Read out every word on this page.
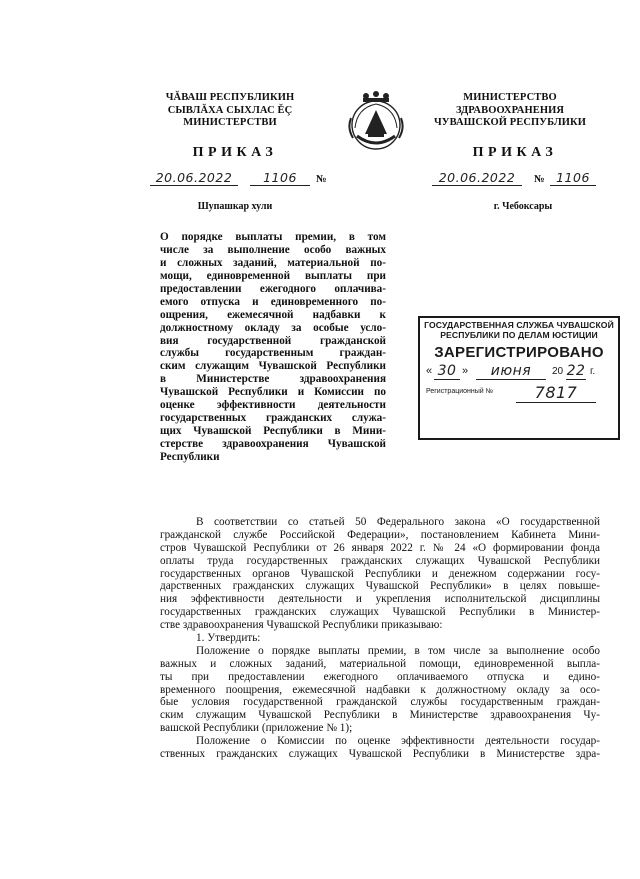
ЧĂВАШ РЕСПУБЛИКИН
СЫВЛĂХА СЫХЛАС ĔÇ
МИНИСТЕРСТВИ
МИНИСТЕРСТВО
ЗДРАВООХРАНЕНИЯ
ЧУВАШСКОЙ РЕСПУБЛИКИ
ПРИКАЗ	ПРИКАЗ
20.06.2022	1106	№	20.06.2022	№ 1106
Шупашкар хули	г. Чебоксары
О порядке выплаты премии, в том
числе за выполнение особо важных
и сложных заданий, материальной по-
мощи, единовременной выплаты при
предоставлении ежегодного оплачива-
емого отпуска и единовременного по-
ощрения, ежемесячной надбавки к
должностному окладу за особые усло-
вия государственной гражданской
службы государственным граждан-
ским служащим Чувашской Республики
в Министерстве здравоохранения
Чувашской Республики и Комиссии по
оценке эффективности деятельности
государственных гражданских служа-
щих Чувашской Республики в Мини-
стерстве здравоохранения Чувашской
Республики
ГОСУДАРСТВЕННАЯ СЛУЖБА ЧУВАШСКОЙ
РЕСПУБЛИКИ ПО ДЕЛАМ ЮСТИЦИИ
ЗАРЕГИСТРИРОВАНО
« 30 »	июня	20 22 г.
Регистрационный №	7817
В соответствии со статьей 50 Федерального закона «О государственной
гражданской службе Российской Федерации», постановлением Кабинета Мини-
стров Чувашской Республики от 26 января 2022 г. № 24 «О формировании фонда
оплаты труда государственных гражданских служащих Чувашской Республики
государственных органов Чувашской Республики и денежном содержании госу-
дарственных гражданских служащих Чувашской Республики» в целях повыше-
ния эффективности деятельности и укрепления исполнительской дисциплины
государственных гражданских служащих Чувашской Республики в Министер-
стве здравоохранения Чувашской Республики приказываю:
1. Утвердить:
Положение о порядке выплаты премии, в том числе за выполнение особо
важных и сложных заданий, материальной помощи, единовременной выпла-
ты при предоставлении ежегодного оплачиваемого отпуска и едино-
временного поощрения, ежемесячной надбавки к должностному окладу за осо-
бые условия государственной гражданской службы государственным граждан-
ским служащим Чувашской Республики в Министерстве здравоохранения Чу-
вашской Республики (приложение № 1);
Положение о Комиссии по оценке эффективности деятельности государ-
ственных гражданских служащих Чувашской Республики в Министерстве здра-
